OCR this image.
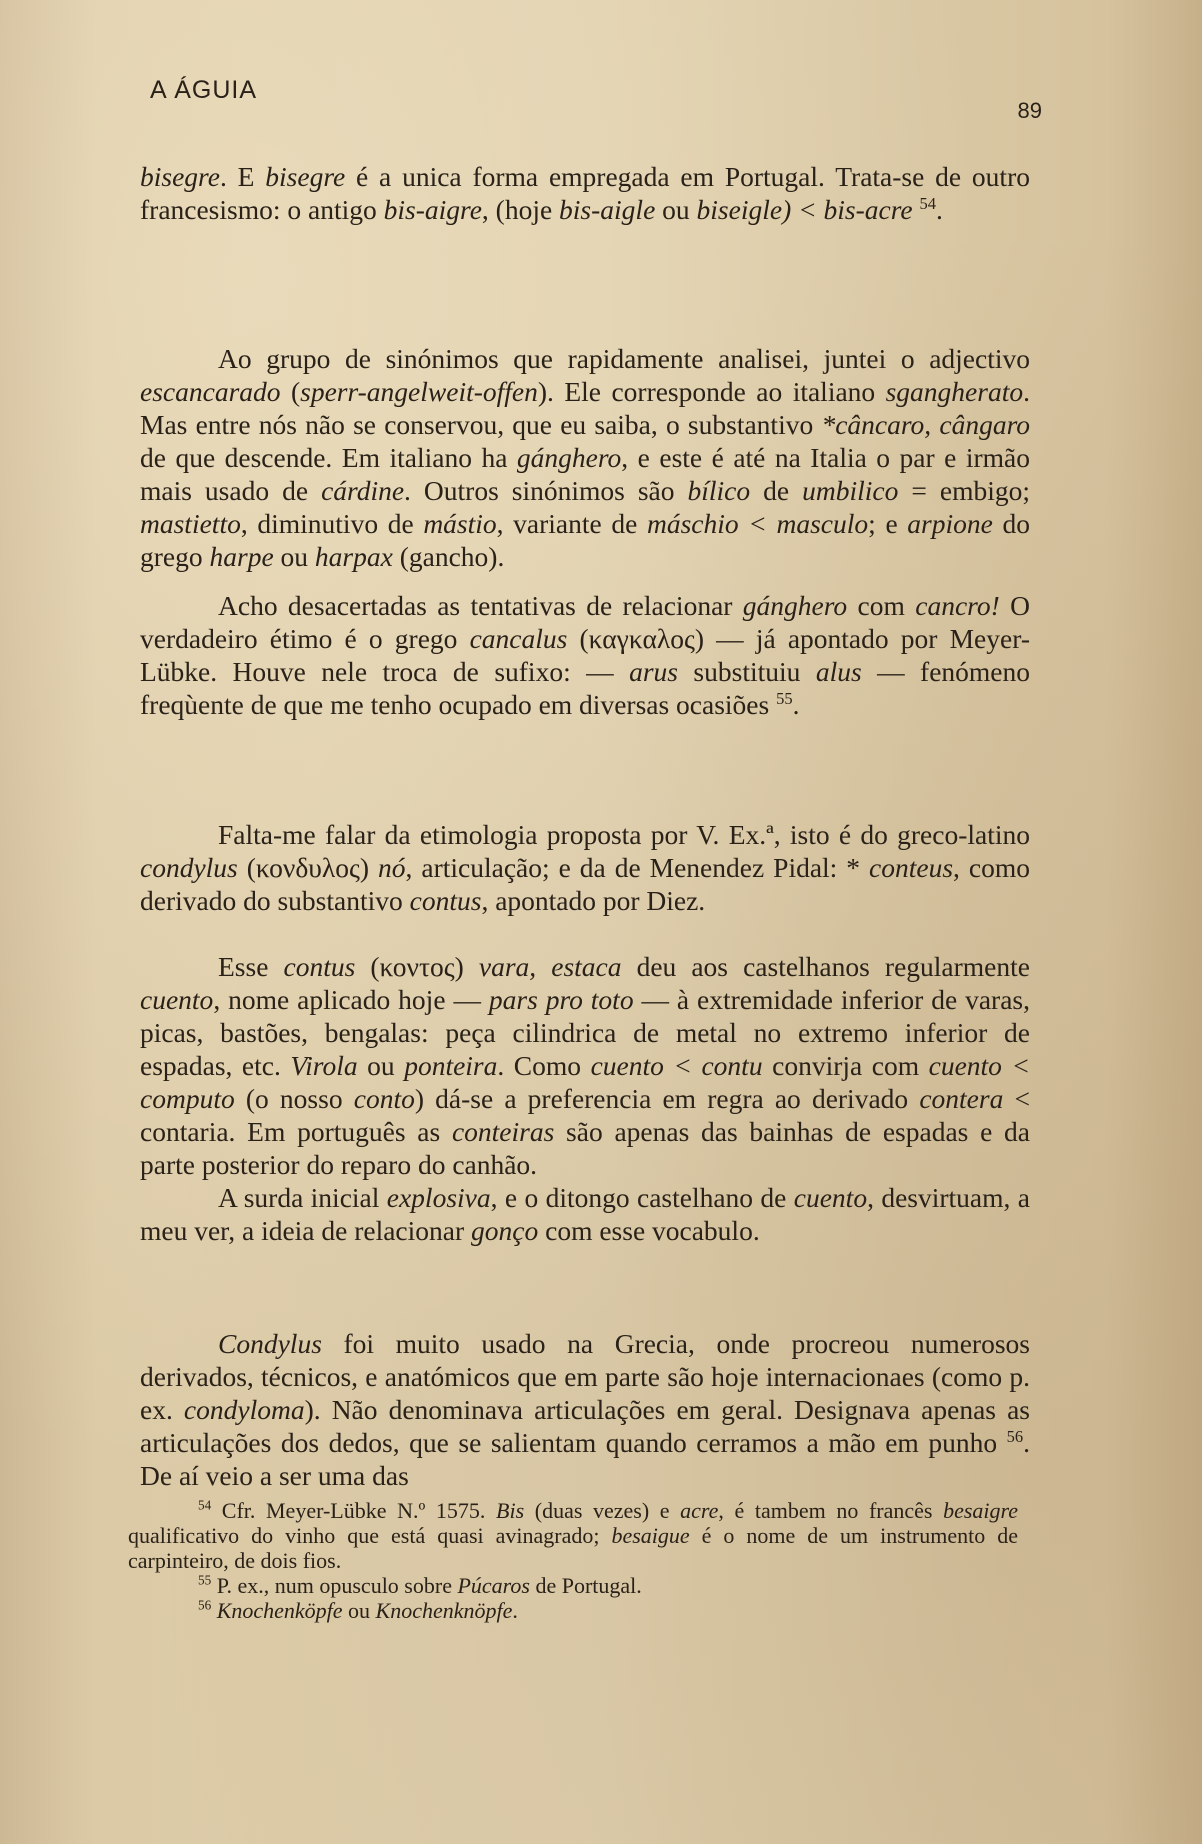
A ÁGUIA
89

bisegre. E bisegre é a unica forma empregada em Portugal. Trata-se de outro francesismo: o antigo bis-aigre, (hoje bis-aigle ou biseigle) < bis-acre $^{54}$.

Ao grupo de sinónimos que rapidamente analisei, juntei o adjectivo escancarado (sperr-angelweit-offen). Ele corresponde ao italiano sgangherato. Mas entre nós não se conservou, que eu saiba, o substantivo *câncaro, cângaro de que descende. Em italiano ha gánghero, e este é até na Italia o par e irmão mais usado de cárdine. Outros sinónimos são bílico de umbilico = embigo; mastietto, diminutivo de mástio, variante de máschio < masculo; e arpione do grego harpe ou harpax (gancho).

Acho desacertadas as tentativas de relacionar gánghero com cancro! O verdadeiro étimo é o grego cancalus (καγκαλος) — já apontado por Meyer-Lübke. Houve nele troca de sufixo: — arus substituiu alus — fenómeno freqùente de que me tenho ocupado em diversas ocasiões $^{55}$.

Falta-me falar da etimologia proposta por V. Ex.ª, isto é do greco-latino condylus (κονδυλος) nó, articulação; e da de Menendez Pidal: * conteus, como derivado do substantivo contus, apontado por Diez.

Esse contus (κοντος) vara, estaca deu aos castelhanos regularmente cuento, nome aplicado hoje — pars pro toto — à extremidade inferior de varas, picas, bastões, bengalas: peça cilindrica de metal no extremo inferior de espadas, etc. Virola ou ponteira. Como cuento < contu convirja com cuento < computo (o nosso conto) dá-se a preferencia em regra ao derivado contera < contaria. Em português as conteiras são apenas das bainhas de espadas e da parte posterior do reparo do canhão.

A surda inicial explosiva, e o ditongo castelhano de cuento, desvirtuam, a meu ver, a ideia de relacionar gonço com esse vocabulo.

Condylus foi muito usado na Grecia, onde procreou numerosos derivados, técnicos, e anatómicos que em parte são hoje internacionaes (como p. ex. condyloma). Não denominava articulações em geral. Designava apenas as articulações dos dedos, que se salientam quando cerramos a mão em punho $^{56}$. De aí veio a ser uma das

$^{54}$ Cfr. Meyer-Lübke N.º 1575. Bis (duas vezes) e acre, é tambem no francês besaigre qualificativo do vinho que está quasi avinagrado; besaigue é o nome de um instrumento de carpinteiro, de dois fios.

$^{55}$ P. ex., num opusculo sobre Púcaros de Portugal.

$^{56}$ Knochenköpfe ou Knochenknöpfe.
